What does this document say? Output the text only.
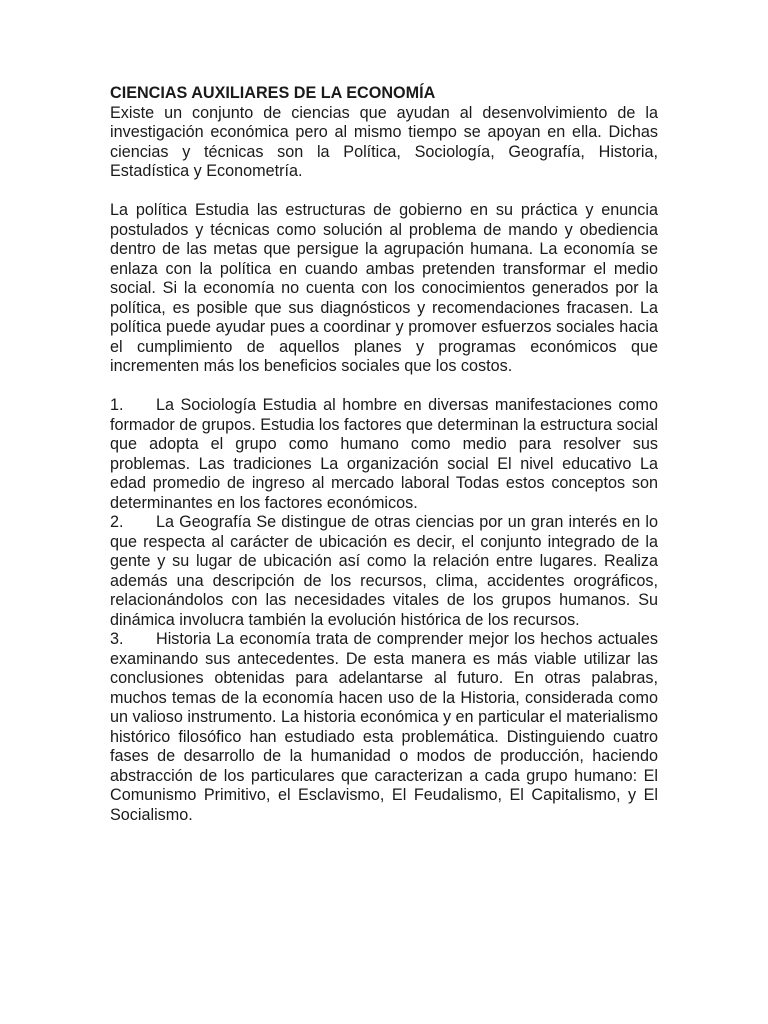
CIENCIAS AUXILIARES DE LA ECONOMÍA

Existe un conjunto de ciencias que ayudan al desenvolvimiento de la investigación económica pero al mismo tiempo se apoyan en ella. Dichas ciencias y técnicas son la Política, Sociología, Geografía, Historia, Estadística y Econometría.

La política Estudia las estructuras de gobierno en su práctica y enuncia postulados y técnicas como solución al problema de mando y obediencia dentro de las metas que persigue la agrupación humana. La economía se enlaza con la política en cuando ambas pretenden transformar el medio social. Si la economía no cuenta con los conocimientos generados por la política, es posible que sus diagnósticos y recomendaciones fracasen. La política puede ayudar pues a coordinar y promover esfuerzos sociales hacia el cumplimiento de aquellos planes y programas económicos que incrementen más los beneficios sociales que los costos.

1. La Sociología Estudia al hombre en diversas manifestaciones como formador de grupos. Estudia los factores que determinan la estructura social que adopta el grupo como humano como medio para resolver sus problemas. Las tradiciones La organización social El nivel educativo La edad promedio de ingreso al mercado laboral Todas estos conceptos son determinantes en los factores económicos.

2. La Geografía Se distingue de otras ciencias por un gran interés en lo que respecta al carácter de ubicación es decir, el conjunto integrado de la gente y su lugar de ubicación así como la relación entre lugares. Realiza además una descripción de los recursos, clima, accidentes orográficos, relacionándolos con las necesidades vitales de los grupos humanos. Su dinámica involucra también la evolución histórica de los recursos.

3. Historia La economía trata de comprender mejor los hechos actuales examinando sus antecedentes. De esta manera es más viable utilizar las conclusiones obtenidas para adelantarse al futuro. En otras palabras, muchos temas de la economía hacen uso de la Historia, considerada como un valioso instrumento. La historia económica y en particular el materialismo histórico filosófico han estudiado esta problemática. Distinguiendo cuatro fases de desarrollo de la humanidad o modos de producción, haciendo abstracción de los particulares que caracterizan a cada grupo humano: El Comunismo Primitivo, el Esclavismo, El Feudalismo, El Capitalismo, y El Socialismo.
